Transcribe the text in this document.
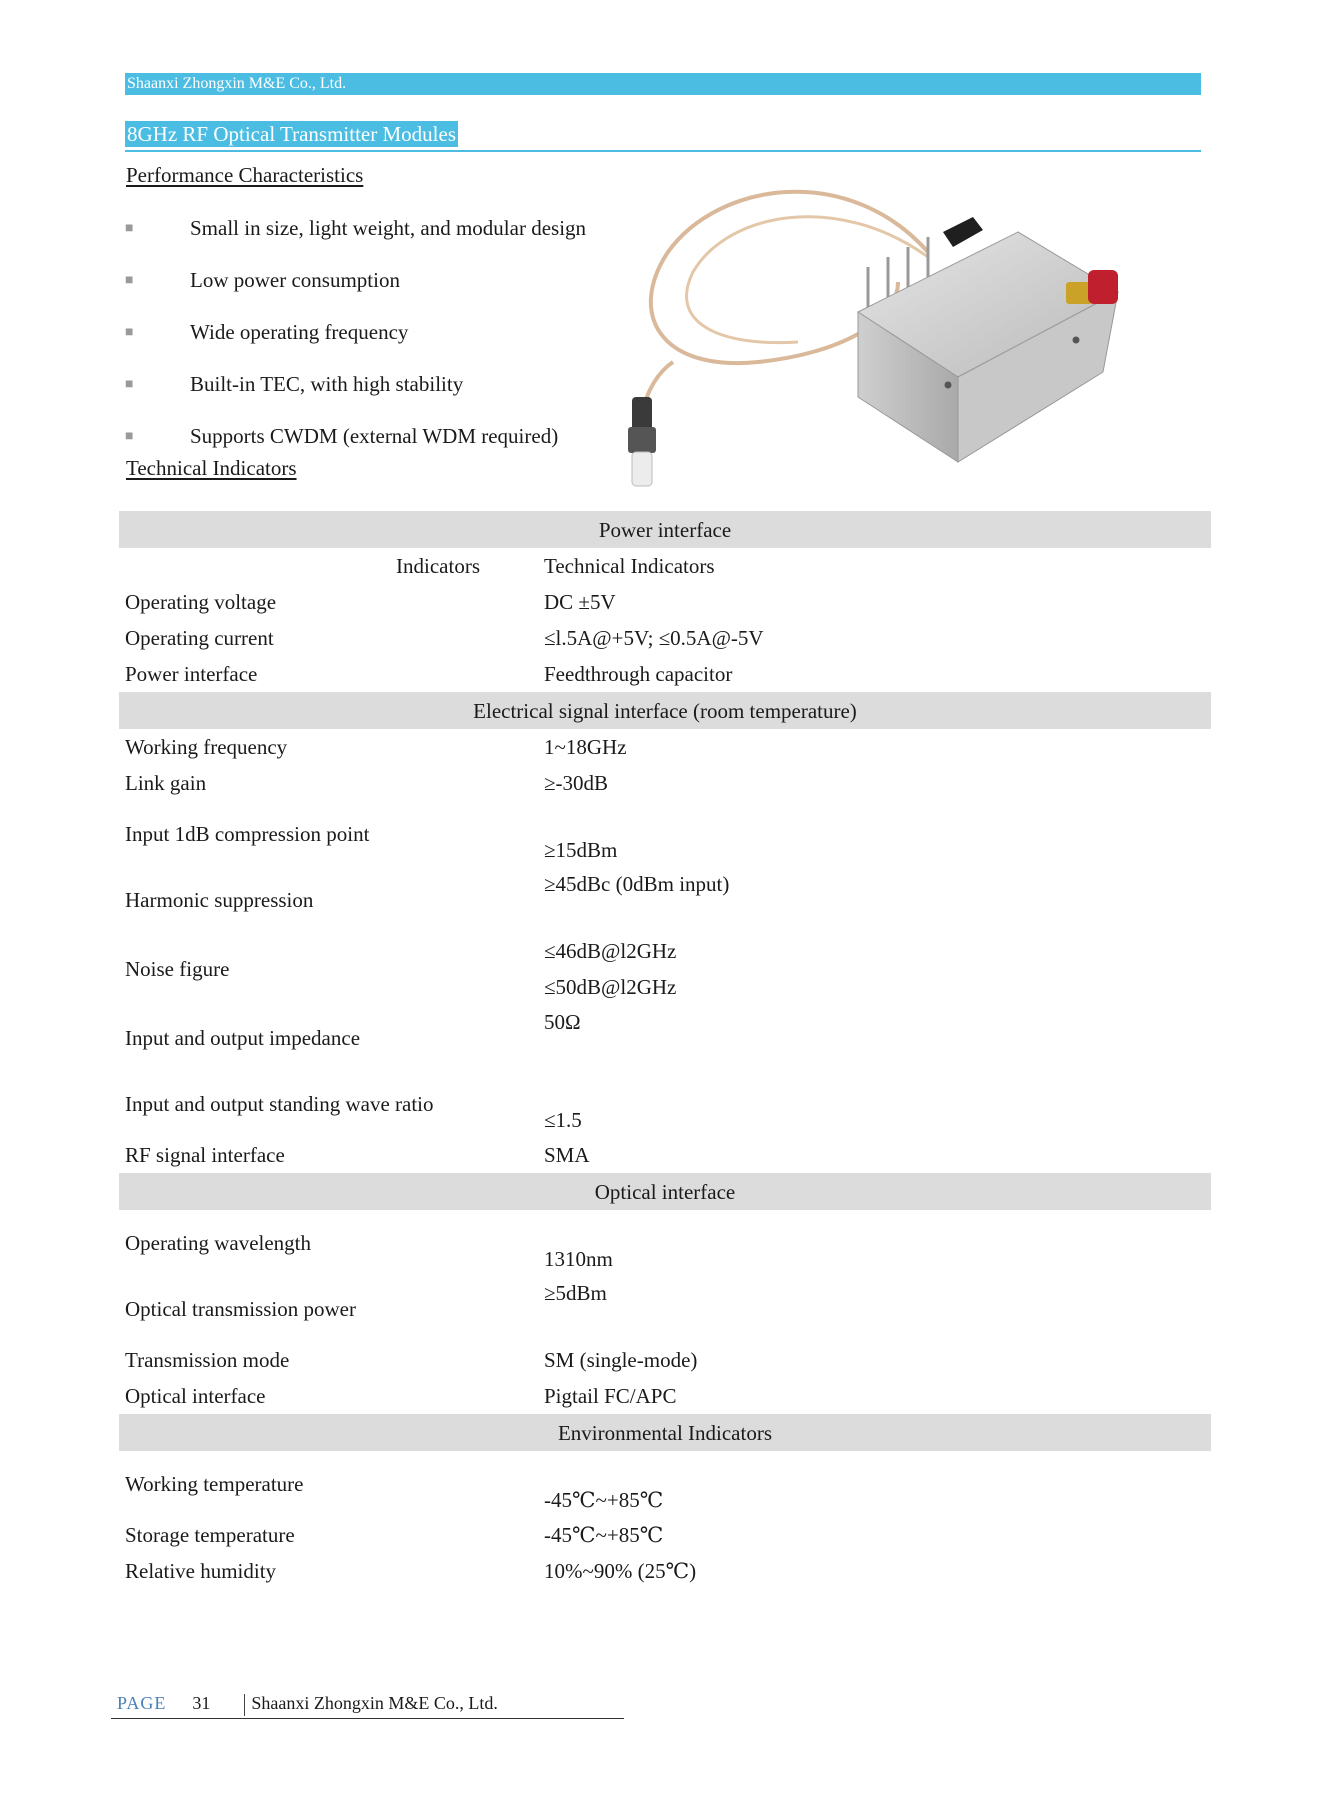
Shaanxi Zhongxin M&E Co., Ltd.
8GHz RF Optical Transmitter Modules
Performance Characteristics
■	Small in size, light weight, and modular design
■	Low power consumption
■	Wide operating frequency
■	Built-in TEC, with high stability
■	Supports CWDM (external WDM required)
Technical Indicators
Power interface	
Indicators	Technical Indicators
Operating voltage	DC ±5V
Operating current	≤l.5A@+5V; ≤0.5A@-5V
Power interface	Feedthrough capacitor
Electrical signal interface (room temperature)	
Working frequency	1~18GHz
Link gain	≥-30dB
Input 1dB compression point	≥15dBm
Harmonic suppression	≥45dBc (0dBm input)
Noise figure	≤46dB@l2GHz
≤50dB@l2GHz

Input and output impedance	50Ω
Input and output standing wave ratio	≤1.5
RF signal interface	SMA
Optical interface	
Operating wavelength	1310nm
Optical transmission power	≥5dBm
Transmission mode	SM (single-mode)
Optical interface	Pigtail FC/APC
Environmental Indicators	
Working temperature	-45℃~+85℃
Storage temperature	-45℃~+85℃
Relative humidity	10%~90% (25℃)
PAGE 31 Shaanxi Zhongxin M&E Co., Ltd.
